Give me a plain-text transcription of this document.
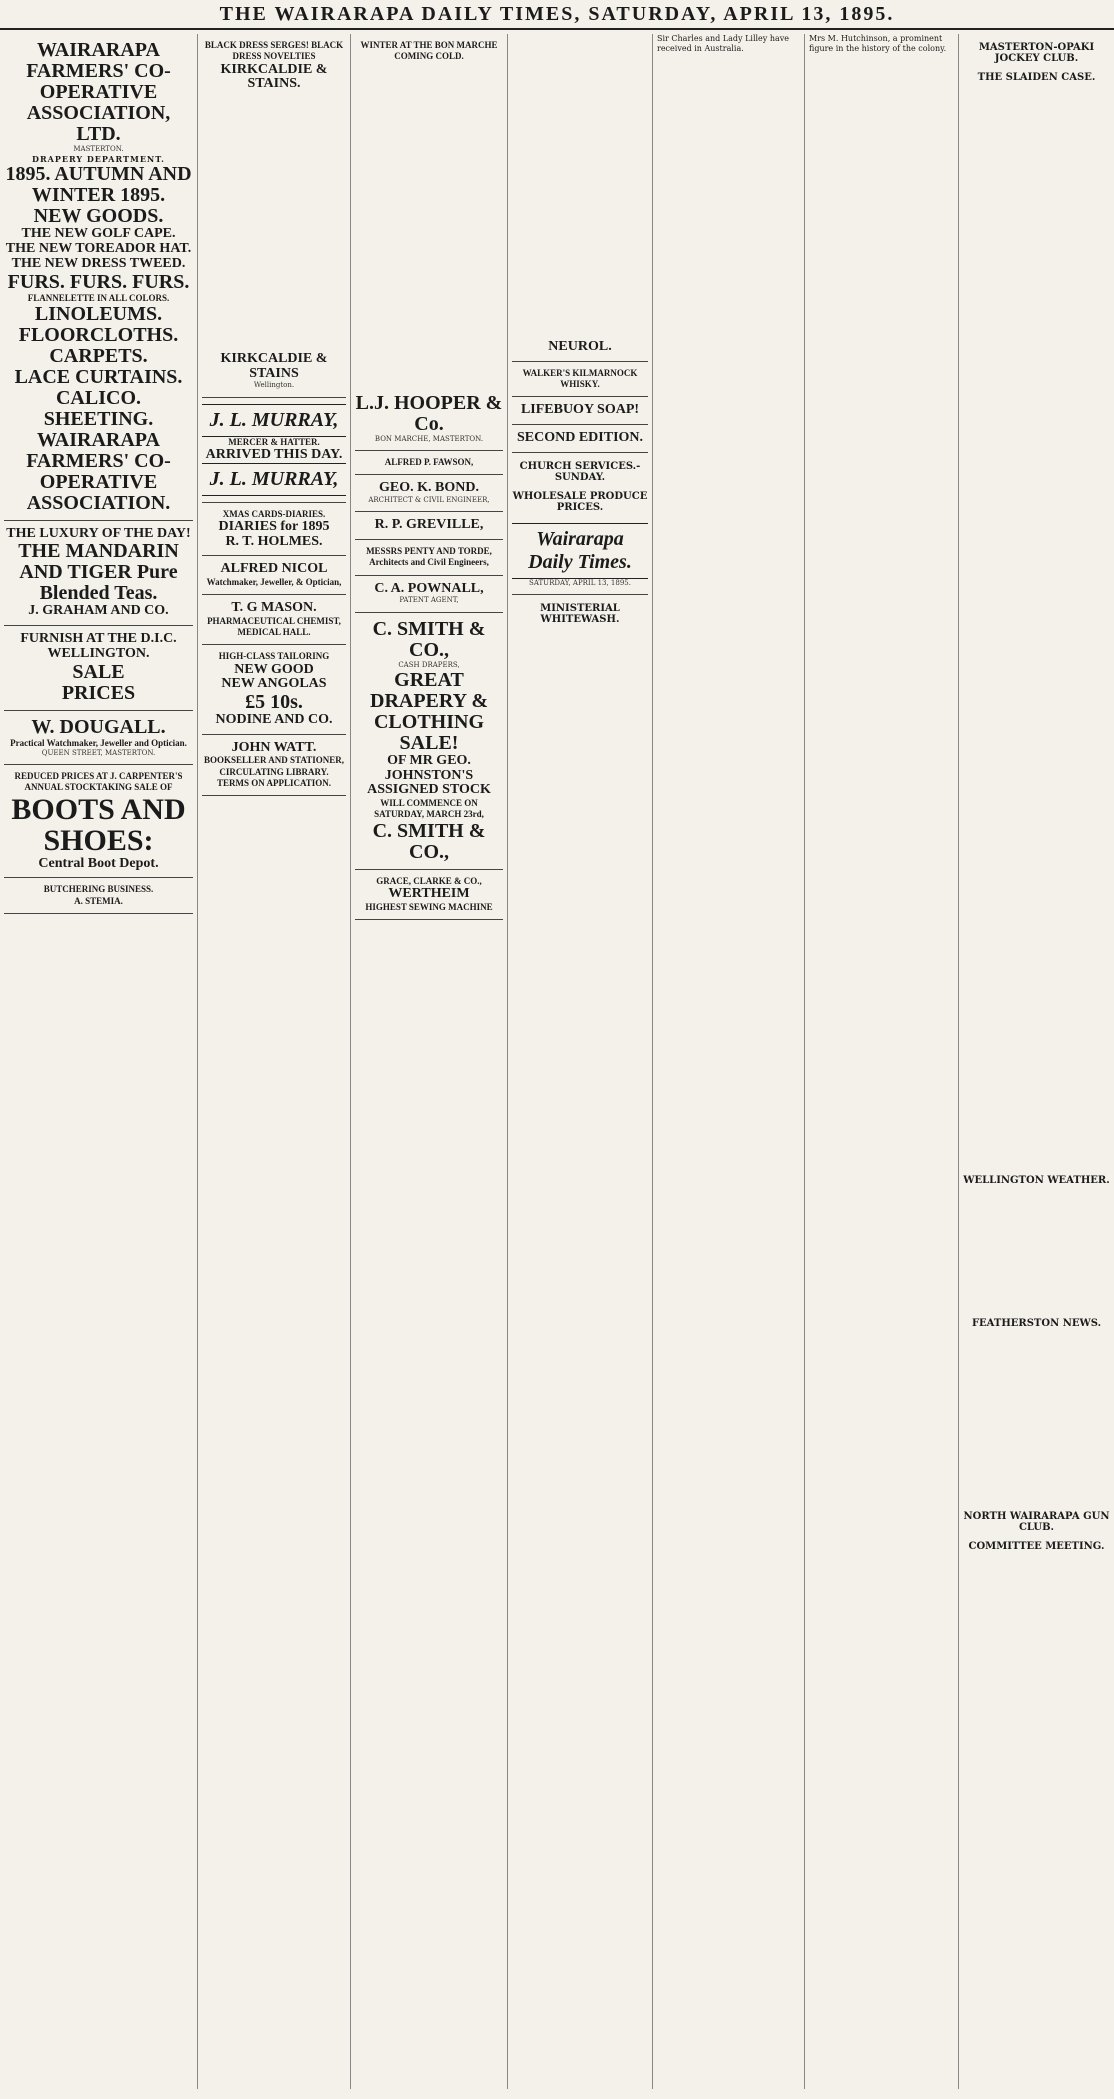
THE WAIRARAPA DAILY TIMES, SATURDAY, APRIL 13, 1895.
WAIRARAPA FARMERS' CO-OPERATIVE ASSOCIATION, LTD.
MASTERTON.
DRAPERY DEPARTMENT.
1895. AUTUMN AND WINTER 1895.
NEW GOODS.
THE NEW GOLF CAPE.
THE NEW TOREADOR HAT.
THE NEW DRESS TWEED.
FURS. FURS. FURS.
FLANNELETTE IN ALL COLORS.
LINOLEUMS. FLOORCLOTHS. CARPETS.
LACE CURTAINS. CALICO. SHEETING.
WAIRARAPA FARMERS' CO-OPERATIVE ASSOCIATION.
THE LUXURY OF THE DAY!
THE MANDARIN AND TIGER Pure Blended Teas.
J. GRAHAM AND CO.
FURNISH AT THE D.I.C. WELLINGTON.
SALE
PRICES
W. DOUGALL.
Practical Watchmaker, Jeweller and Optician.
QUEEN STREET, MASTERTON.
REDUCED PRICES AT J. CARPENTER'S ANNUAL STOCKTAKING SALE OF
BOOTS AND SHOES:
Central Boot Depot.
BUTCHERING BUSINESS.
A. STEMIA.
BLACK DRESS SERGES! BLACK DRESS NOVELTIES
KIRKCALDIE & STAINS.
KIRKCALDIE & STAINS
Wellington.
J. L. MURRAY,
MERCER & HATTER.
ARRIVED THIS DAY.
J. L. MURRAY,
XMAS CARDS-DIARIES.
DIARIES for 1895
R. T. HOLMES.
ALFRED NICOL
Watchmaker, Jeweller, & Optician,
T. G MASON.
PHARMACEUTICAL CHEMIST,
MEDICAL HALL.
HIGH-CLASS TAILORING
NEW GOOD
NEW ANGOLAS
£5 10s.
NODINE AND CO.
JOHN WATT.
BOOKSELLER AND STATIONER,
CIRCULATING LIBRARY.
TERMS ON APPLICATION.
WINTER AT THE BON MARCHE COMING COLD.
L.J. HOOPER & Co.
BON MARCHE, MASTERTON.
ALFRED P. FAWSON,
GEO. K. BOND.
ARCHITECT & CIVIL ENGINEER,
R. P. GREVILLE,
MESSRS PENTY AND TORDE, Architects and Civil Engineers,
C. A. POWNALL,
PATENT AGENT,
C. SMITH & CO.,
CASH DRAPERS,
GREAT DRAPERY & CLOTHING SALE!
OF MR GEO. JOHNSTON'S ASSIGNED STOCK
WILL COMMENCE ON SATURDAY, MARCH 23rd,
C. SMITH & CO.,
GRACE, CLARKE & CO.,
WERTHEIM
HIGHEST SEWING MACHINE
NEUROL.
WALKER'S KILMARNOCK WHISKY.
LIFEBUOY SOAP!
SECOND EDITION.
CHURCH SERVICES.-SUNDAY.
WHOLESALE PRODUCE PRICES.
Wairarapa Daily Times.
SATURDAY, APRIL 13, 1895.
MINISTERIAL WHITEWASH.
Sir Charles and Lady Lilley have received in Australia.
Mrs M. Hutchinson, a prominent figure in the history of the colony.	MASTERTON-OPAKI JOCKEY CLUB.
THE SLAIDEN CASE.
WELLINGTON WEATHER.
FEATHERSTON NEWS.
NORTH WAIRARAPA GUN CLUB.
COMMITTEE MEETING.
